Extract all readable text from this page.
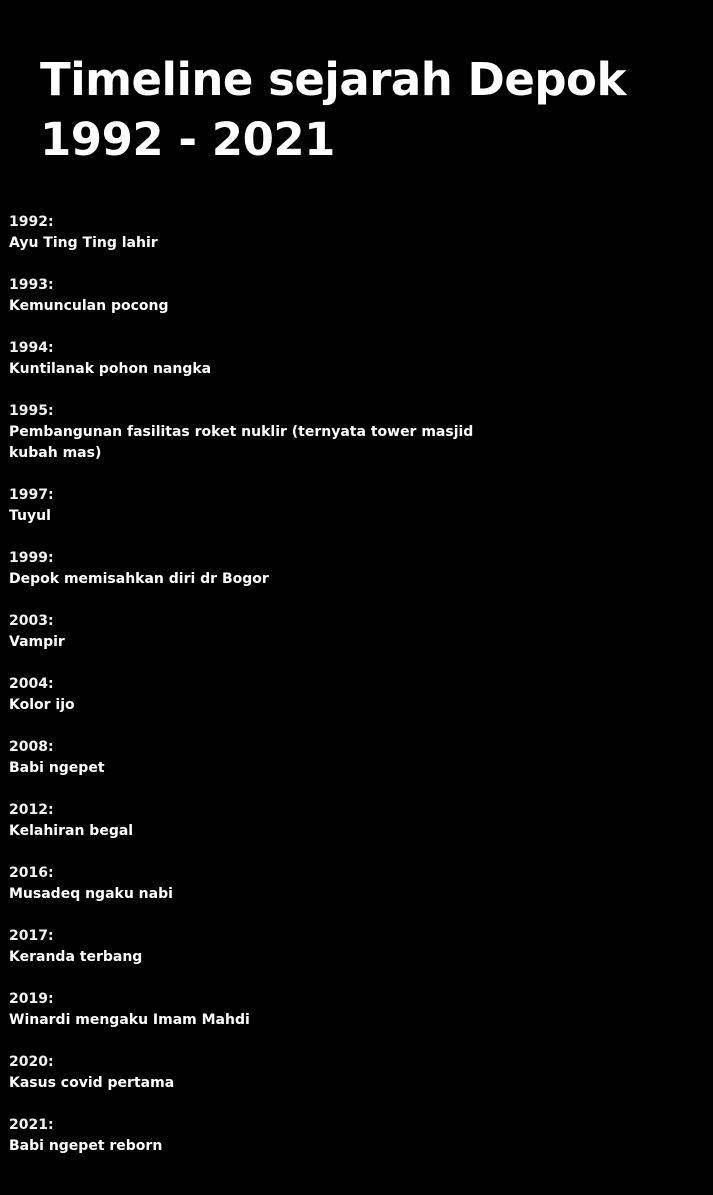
Timeline sejarah Depok
1992 - 2021
1992:
Ayu Ting Ting lahir
1993:
Kemunculan pocong
1994:
Kuntilanak pohon nangka
1995:
Pembangunan fasilitas roket nuklir (ternyata tower masjid kubah mas)
1997:
Tuyul
1999:
Depok memisahkan diri dr Bogor
2003:
Vampir
2004:
Kolor ijo
2008:
Babi ngepet
2012:
Kelahiran begal
2016:
Musadeq ngaku nabi
2017:
Keranda terbang
2019:
Winardi mengaku Imam Mahdi
2020:
Kasus covid pertama
2021:
Babi ngepet reborn
